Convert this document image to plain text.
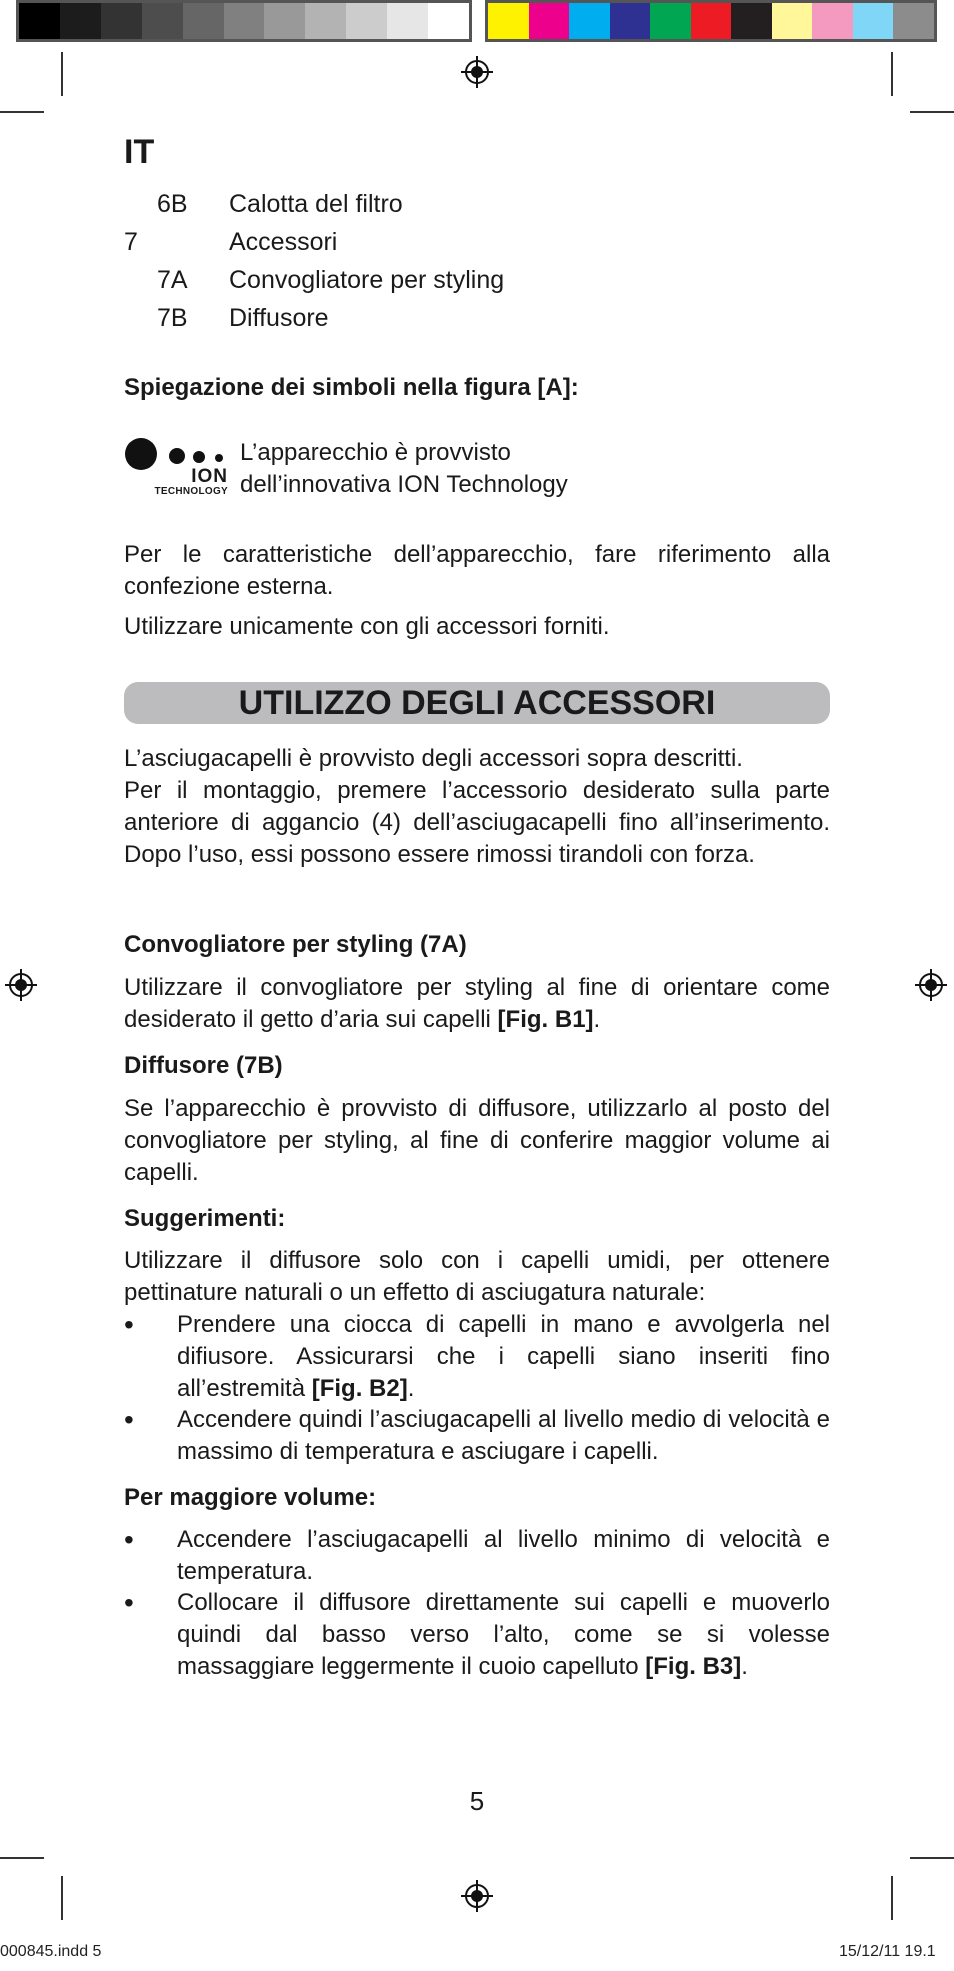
IT
6B Calotta del filtro
7	Accessori
7A Convogliatore per styling
7B Diffusore
Spiegazione dei simboli nella figura [A]:
ION
TECHNOLOGY
L’apparecchio è provvisto
dell’innovativa ION Technology

Per le caratteristiche dell’apparecchio, fare riferimento alla confezione esterna.

Utilizzare unicamente con gli accessori forniti.

UTILIZZO DEGLI ACCESSORI

L’asciugacapelli è provvisto degli accessori sopra descritti.

Per il montaggio, premere l’accessorio desiderato sulla parte anteriore di aggancio (4) dell’asciugacapelli fino all’inserimento. Dopo l’uso, essi possono essere rimossi tirandoli con forza.

Convogliatore per styling (7A)

Utilizzare il convogliatore per styling al fine di orientare come desiderato il getto d’aria sui capelli [Fig. B1].

Diffusore (7B)

Se l’apparecchio è provvisto di diffusore, utilizzarlo al posto del convogliatore per styling, al fine di conferire maggior volume ai capelli.

Suggerimenti:

Utilizzare il diffusore solo con i capelli umidi, per ottenere pettinature naturali o un effetto di asciugatura naturale:

• Prendere una ciocca di capelli in mano e avvolgerla nel difiusore. Assicurarsi che i capelli siano inseriti fino all’estremità [Fig. B2].
• Accendere quindi l’asciugacapelli al livello medio di velocità e massimo di temperatura e asciugare i capelli.
Per maggiore volume:
• Accendere l’asciugacapelli al livello minimo di velocità e temperatura.
• Collocare il diffusore direttamente sui capelli e muoverlo quindi dal basso verso l’alto, come se si volesse massaggiare leggermente il cuoio capelluto [Fig. B3].
5
000845.indd 5	15/12/11 19.1
